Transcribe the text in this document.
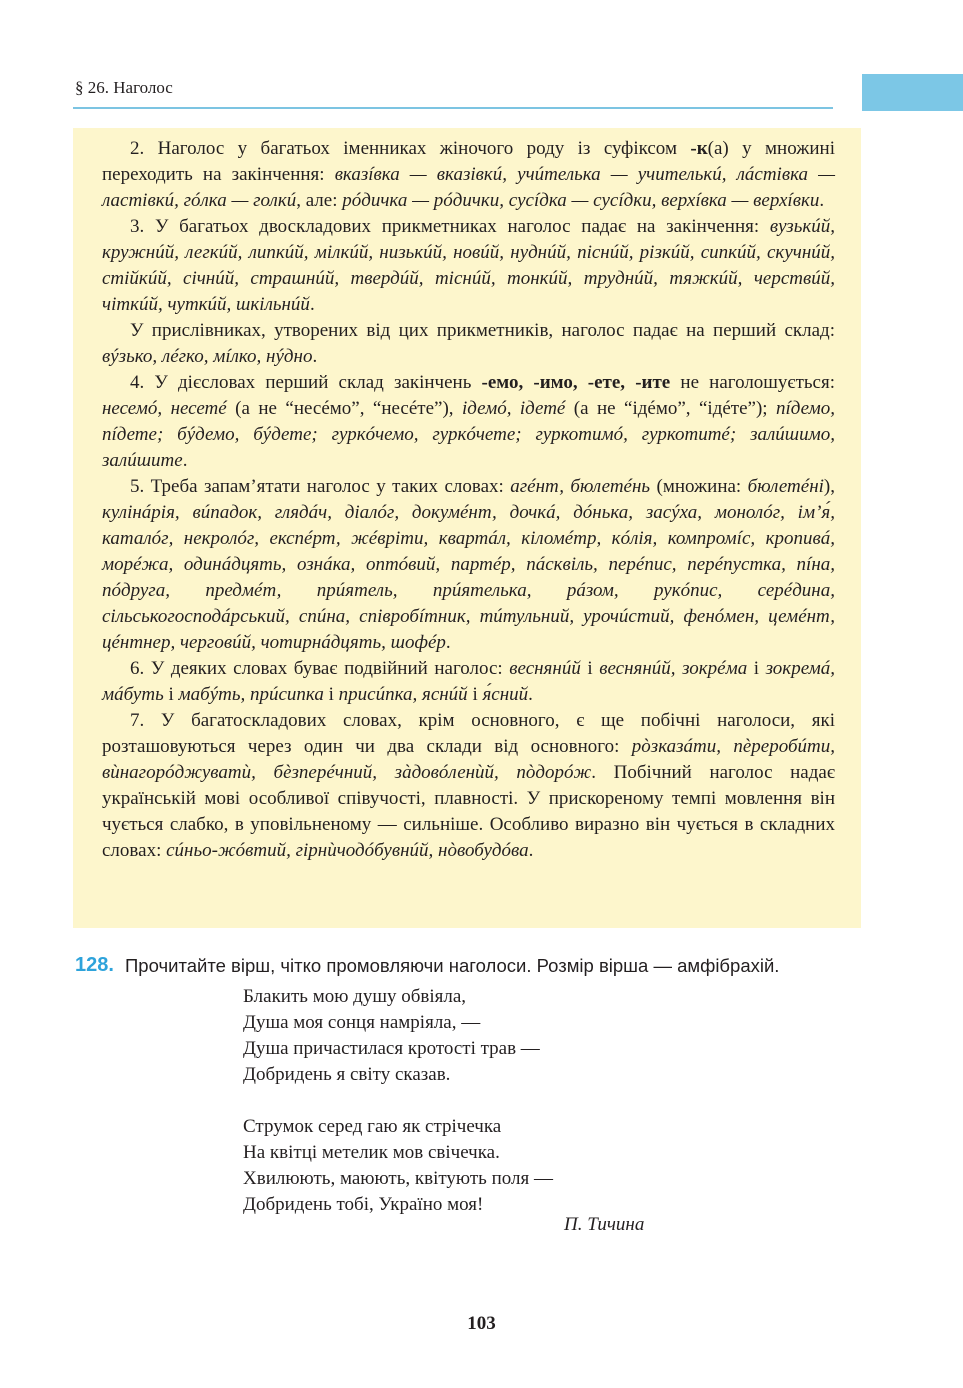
§ 26. Наголос

2. Наголос у багатьох іменниках жіночого роду із суфіксом -к(а) у множині переходить на закінчення: вказíвка — вказівкú, учúтелька — учителькú, лáстівка — ластівкú, гóлка — голкú, але: рóдичка — рóдички, сусíдка — сусíдки, верхíвка — верхíвки.

3. У багатьох двоскладових прикметниках наголос падає на закінчення: вузькúй, кружнúй, легкúй, липкúй, мілкúй, низькúй, новúй, нуднúй, піснúй, різкúй, сипкúй, скучнúй, стійкúй, січнúй, страшнúй, твердúй, тіснúй, тонкúй, труднúй, тяжкúй, черствúй, чіткúй, чуткúй, шкільнúй.

У прислівниках, утворених від цих прикметників, наголос падає на перший склад: вýзько, лéгко, мíлко, нýдно.

4. У дієсловах перший склад закінчень -емо, -имо, -ете, -ите не наголошується: несемó, несетé (а не “несéмо”, “несéте”), ідемó, ідетé (а не “ідéмо”, “ідéте”); пíдемо, пíдете; бýдемо, бýдете; гуркóчемо, гуркóчете; гуркотимó, гуркотитé; залúшимо, залúшите.

5. Треба запам’ятати наголос у таких словах: агéнт, бюлетéнь (множина: бюлетéні), кулінáрія, вúпадок, глядáч, діалóг, докумéнт, дочкá, дóнька, засýха, монолóг, ім’я́, каталóг, некролóг, експéрт, жéвріти, квартáл, кіломéтр, кóлія, компромíс, кропивá, морéжа, одинáдцять, ознáка, оптóвий, партéр, пáсквіль, перéпис, перéпустка, пíна, пóдруга, предмéт, прúятель, прúятелька, рáзом, рукóпис, серéдина, сільськогосподáрський, спúна, співробíтник, тúтульний, урочúстий, фенóмен, цемéнт, цéнтнер, черговúй, чотирнáдцять, шофéр.

6. У деяких словах буває подвійний наголос: веснянúй і веснянúй, зокрéма і зокремá, мáбуть і мабýть, прúсипка і присúпка, яснúй і я́сний.

7. У багатоскладових словах, крім основного, є ще побічні наголоси, які розташовуються через один чи два склади від основного: рòзказáти, пèреробúти, вùнагорóджуватù, бѐзперéчний, зàдовóленùй, пòдорóж. Побічний наголос надає українській мові особливої співучості, плавності. У прискореному темпі мовлення він чується слабко, в уповільненому — сильніше. Особливо виразно він чується в складних словах: сúньо-жóвтий, гірнùчодóбувнúй, нòвобудóва.

128. Прочитайте вірш, чітко промовляючи наголоси. Розмір вірша — амфібрахій.
Блакить мою душу обвіяла,
Душа моя сонця намріяла, —
Душа причастилася кротості трав —
Добридень я світу сказав.
Струмок серед гаю як стрічечка
На квітці метелик мов свічечка.
Хвилюють, маюють, квітують поля —
Добридень тобі, Україно моя!
П. Тичина
103
